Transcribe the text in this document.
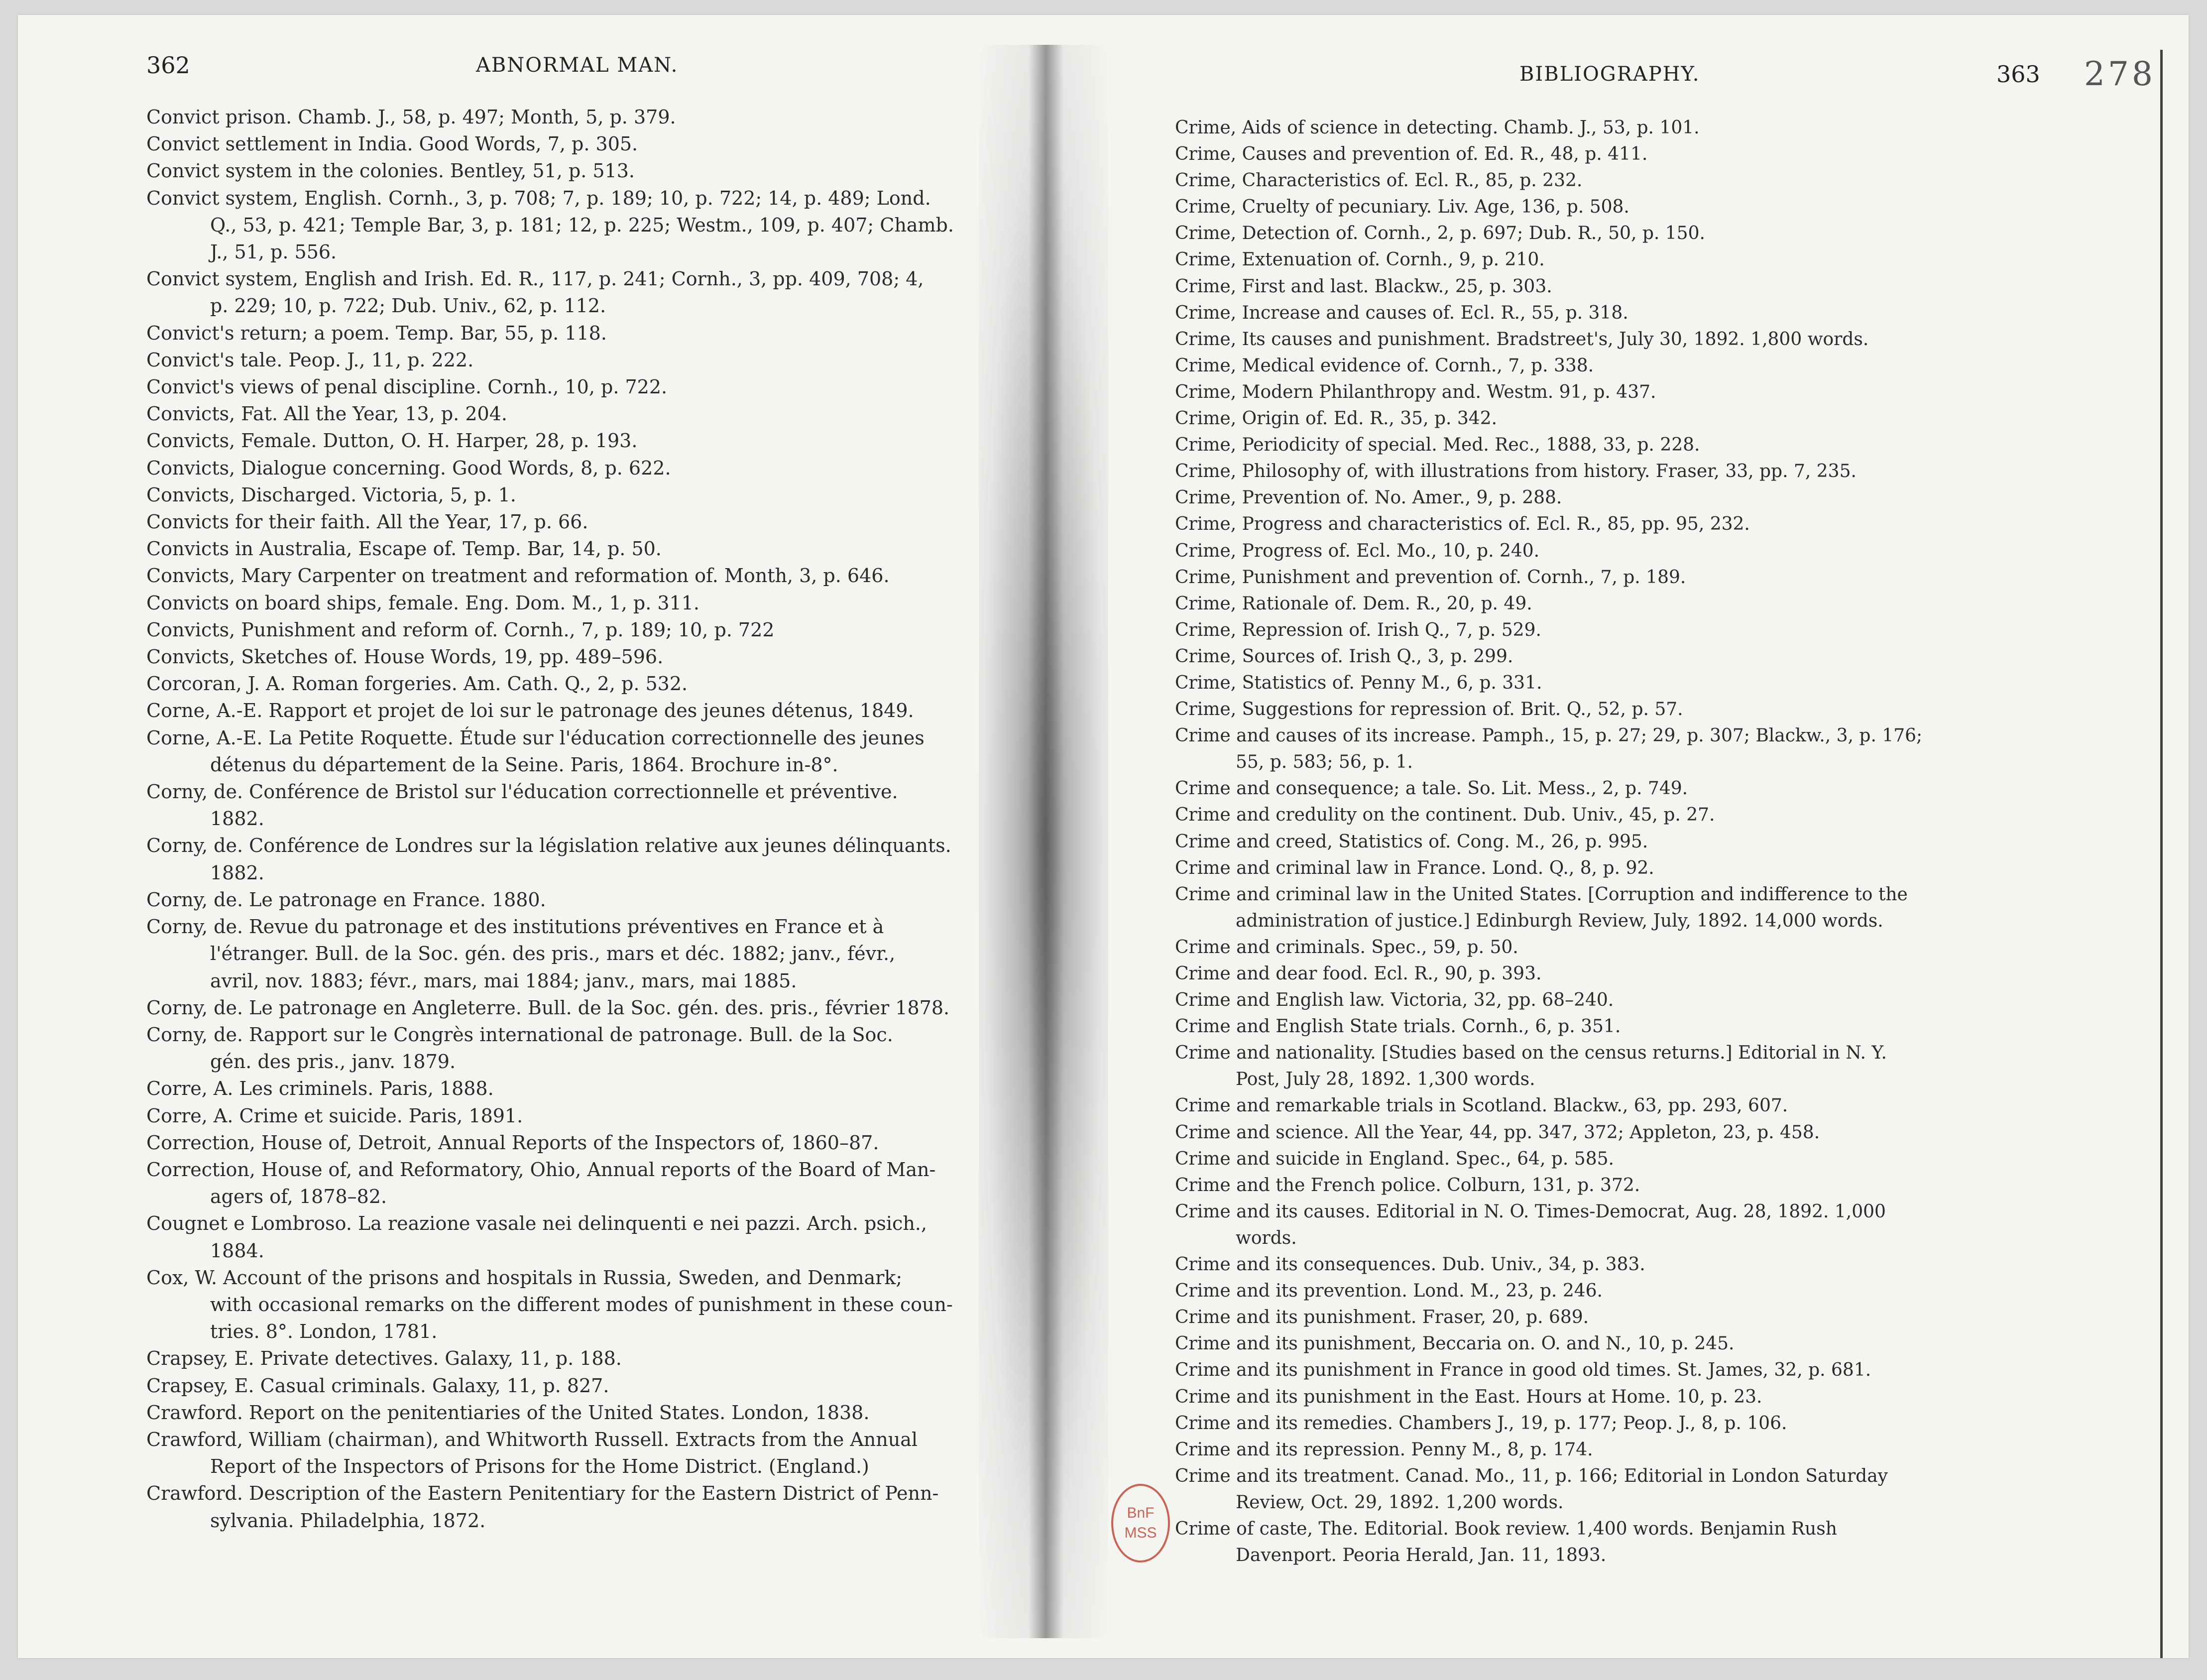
362	ABNORMAL MAN.	BIBLIOGRAPHY.	363 278
Convict prison. Chamb. J., 58, p. 497; Month, 5, p. 379.
Convict settlement in India. Good Words, 7, p. 305.
Convict system in the colonies. Bentley, 51, p. 513.
Convict system, English. Cornh., 3, p. 708; 7, p. 189; 10, p. 722; 14, p. 489; Lond.
Q., 53, p. 421; Temple Bar, 3, p. 181; 12, p. 225; Westm., 109, p. 407; Chamb.
J., 51, p. 556.
Convict system, English and Irish. Ed. R., 117, p. 241; Cornh., 3, pp. 409, 708; 4,
p. 229; 10, p. 722; Dub. Univ., 62, p. 112.
Convict's return; a poem. Temp. Bar, 55, p. 118.
Convict's tale. Peop. J., 11, p. 222.
Convict's views of penal discipline. Cornh., 10, p. 722.
Convicts, Fat. All the Year, 13, p. 204.
Convicts, Female. Dutton, O. H. Harper, 28, p. 193.
Convicts, Dialogue concerning. Good Words, 8, p. 622.
Convicts, Discharged. Victoria, 5, p. 1.
Convicts for their faith. All the Year, 17, p. 66.
Convicts in Australia, Escape of. Temp. Bar, 14, p. 50.
Convicts, Mary Carpenter on treatment and reformation of. Month, 3, p. 646.
Convicts on board ships, female. Eng. Dom. M., 1, p. 311.
Convicts, Punishment and reform of. Cornh., 7, p. 189; 10, p. 722
Convicts, Sketches of. House Words, 19, pp. 489–596.
Corcoran, J. A. Roman forgeries. Am. Cath. Q., 2, p. 532.
Corne, A.-E. Rapport et projet de loi sur le patronage des jeunes détenus, 1849.
Corne, A.-E. La Petite Roquette. Étude sur l'éducation correctionnelle des jeunes
détenus du département de la Seine. Paris, 1864. Brochure in-8°.
Corny, de. Conférence de Bristol sur l'éducation correctionnelle et préventive.
1882.
Corny, de. Conférence de Londres sur la législation relative aux jeunes délinquants.
1882.
Corny, de. Le patronage en France. 1880.
Corny, de. Revue du patronage et des institutions préventives en France et à
l'étranger. Bull. de la Soc. gén. des pris., mars et déc. 1882; janv., févr.,
avril, nov. 1883; févr., mars, mai 1884; janv., mars, mai 1885.
Corny, de. Le patronage en Angleterre. Bull. de la Soc. gén. des. pris., février 1878.
Corny, de. Rapport sur le Congrès international de patronage. Bull. de la Soc.
gén. des pris., janv. 1879.
Corre, A. Les criminels. Paris, 1888.
Corre, A. Crime et suicide. Paris, 1891.
Correction, House of, Detroit, Annual Reports of the Inspectors of, 1860–87.
Correction, House of, and Reformatory, Ohio, Annual reports of the Board of Man-
agers of, 1878–82.
Cougnet e Lombroso. La reazione vasale nei delinquenti e nei pazzi. Arch. psich.,
1884.
Cox, W. Account of the prisons and hospitals in Russia, Sweden, and Denmark;
with occasional remarks on the different modes of punishment in these coun-
tries. 8°. London, 1781.
Crapsey, E. Private detectives. Galaxy, 11, p. 188.
Crapsey, E. Casual criminals. Galaxy, 11, p. 827.
Crawford. Report on the penitentiaries of the United States. London, 1838.
Crawford, William (chairman), and Whitworth Russell. Extracts from the Annual
Report of the Inspectors of Prisons for the Home District. (England.)
Crawford. Description of the Eastern Penitentiary for the Eastern District of Penn-
sylvania. Philadelphia, 1872.
Crime, Aids of science in detecting. Chamb. J., 53, p. 101.
Crime, Causes and prevention of. Ed. R., 48, p. 411.
Crime, Characteristics of. Ecl. R., 85, p. 232.
Crime, Cruelty of pecuniary. Liv. Age, 136, p. 508.
Crime, Detection of. Cornh., 2, p. 697; Dub. R., 50, p. 150.
Crime, Extenuation of. Cornh., 9, p. 210.
Crime, First and last. Blackw., 25, p. 303.
Crime, Increase and causes of. Ecl. R., 55, p. 318.
Crime, Its causes and punishment. Bradstreet's, July 30, 1892. 1,800 words.
Crime, Medical evidence of. Cornh., 7, p. 338.
Crime, Modern Philanthropy and. Westm. 91, p. 437.
Crime, Origin of. Ed. R., 35, p. 342.
Crime, Periodicity of special. Med. Rec., 1888, 33, p. 228.
Crime, Philosophy of, with illustrations from history. Fraser, 33, pp. 7, 235.
Crime, Prevention of. No. Amer., 9, p. 288.
Crime, Progress and characteristics of. Ecl. R., 85, pp. 95, 232.
Crime, Progress of. Ecl. Mo., 10, p. 240.
Crime, Punishment and prevention of. Cornh., 7, p. 189.
Crime, Rationale of. Dem. R., 20, p. 49.
Crime, Repression of. Irish Q., 7, p. 529.
Crime, Sources of. Irish Q., 3, p. 299.
Crime, Statistics of. Penny M., 6, p. 331.
Crime, Suggestions for repression of. Brit. Q., 52, p. 57.
Crime and causes of its increase. Pamph., 15, p. 27; 29, p. 307; Blackw., 3, p. 176;
55, p. 583; 56, p. 1.
Crime and consequence; a tale. So. Lit. Mess., 2, p. 749.
Crime and credulity on the continent. Dub. Univ., 45, p. 27.
Crime and creed, Statistics of. Cong. M., 26, p. 995.
Crime and criminal law in France. Lond. Q., 8, p. 92.
Crime and criminal law in the United States. [Corruption and indifference to the
administration of justice.] Edinburgh Review, July, 1892. 14,000 words.
Crime and criminals. Spec., 59, p. 50.
Crime and dear food. Ecl. R., 90, p. 393.
Crime and English law. Victoria, 32, pp. 68–240.
Crime and English State trials. Cornh., 6, p. 351.
Crime and nationality. [Studies based on the census returns.] Editorial in N. Y.
Post, July 28, 1892. 1,300 words.
Crime and remarkable trials in Scotland. Blackw., 63, pp. 293, 607.
Crime and science. All the Year, 44, pp. 347, 372; Appleton, 23, p. 458.
Crime and suicide in England. Spec., 64, p. 585.
Crime and the French police. Colburn, 131, p. 372.
Crime and its causes. Editorial in N. O. Times-Democrat, Aug. 28, 1892. 1,000
words.
Crime and its consequences. Dub. Univ., 34, p. 383.
Crime and its prevention. Lond. M., 23, p. 246.
Crime and its punishment. Fraser, 20, p. 689.
Crime and its punishment, Beccaria on. O. and N., 10, p. 245.
Crime and its punishment in France in good old times. St. James, 32, p. 681.
Crime and its punishment in the East. Hours at Home. 10, p. 23.
Crime and its remedies. Chambers J., 19, p. 177; Peop. J., 8, p. 106.
Crime and its repression. Penny M., 8, p. 174.
Crime and its treatment. Canad. Mo., 11, p. 166; Editorial in London Saturday
Review, Oct. 29, 1892. 1,200 words.
Crime of caste, The. Editorial. Book review. 1,400 words. Benjamin Rush
Davenport. Peoria Herald, Jan. 11, 1893.
BnF
MSS
